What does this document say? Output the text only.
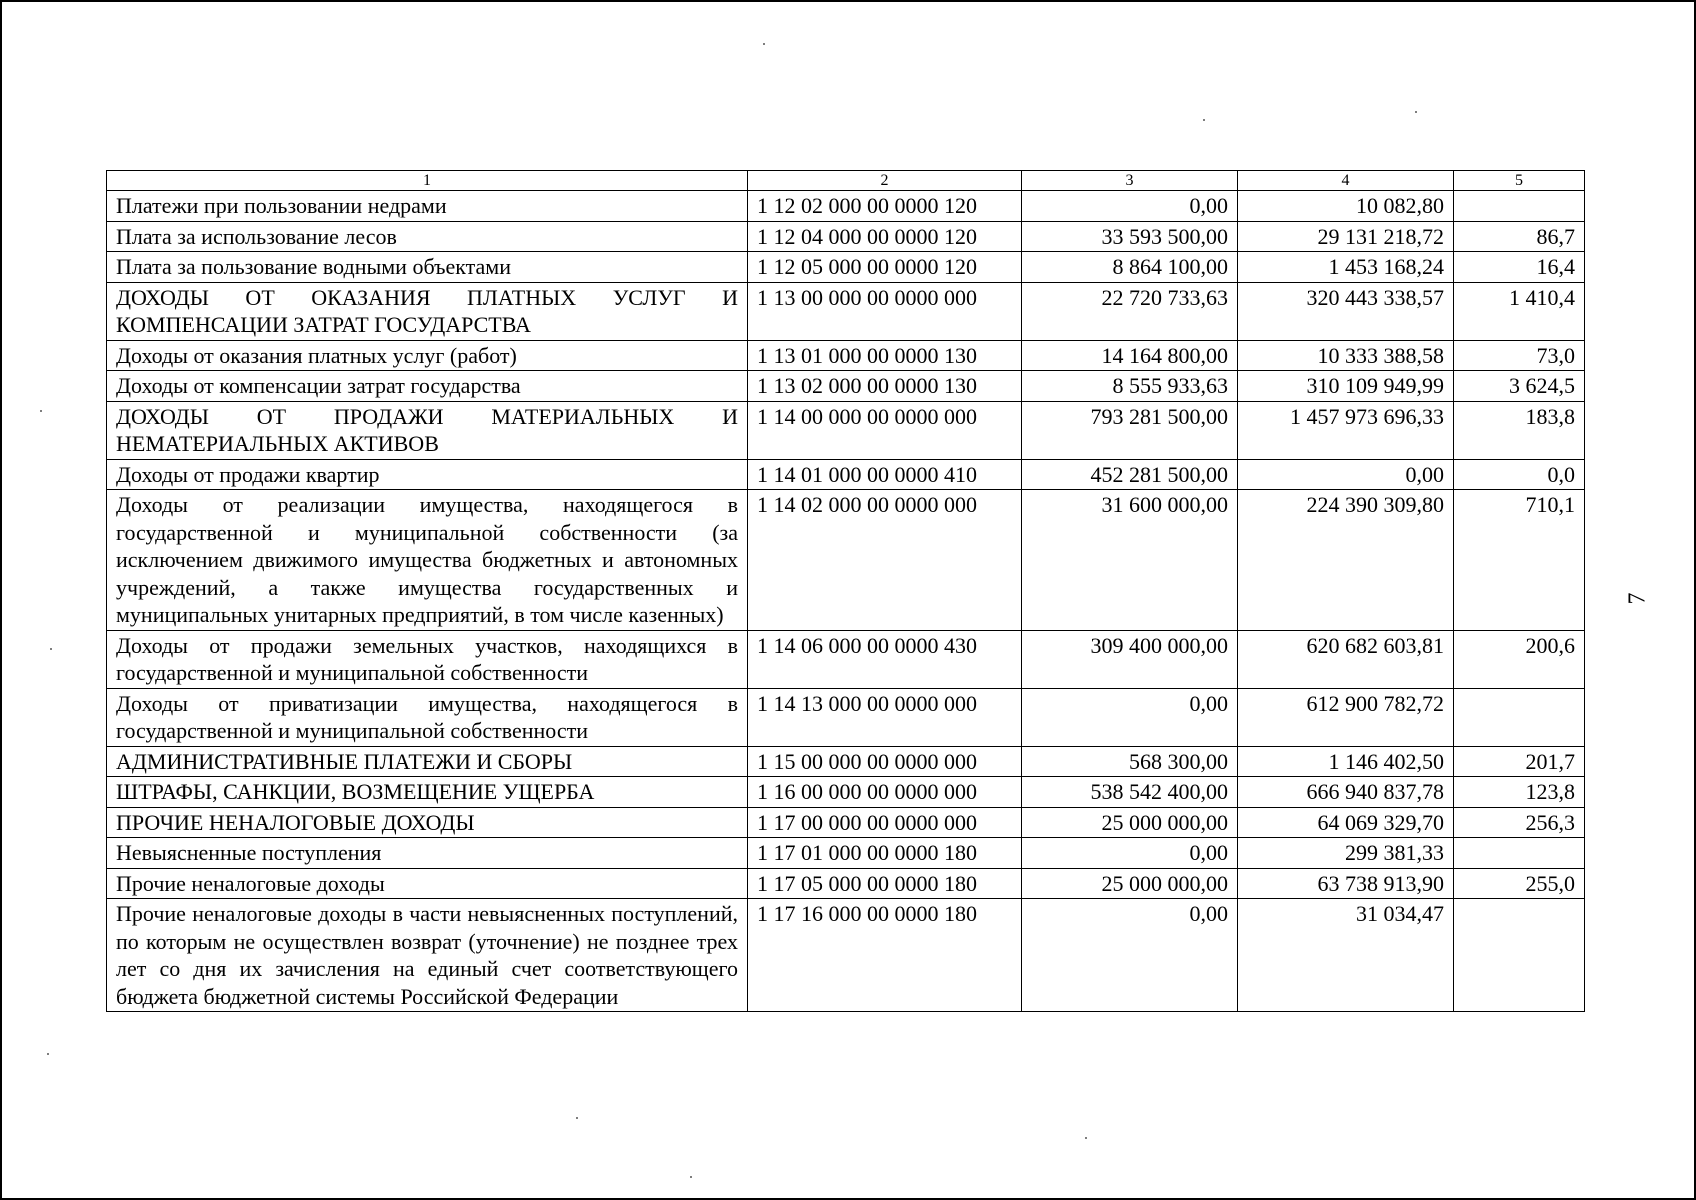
7
1	2	3	4	5
Платежи при пользовании недрами	1 12 02 000 00 0000 120	0,00	10 082,80	
Плата за использование лесов	1 12 04 000 00 0000 120	33 593 500,00	29 131 218,72	86,7
Плата за пользование водными объектами	1 12 05 000 00 0000 120	8 864 100,00	1 453 168,24	16,4
ДОХОДЫ ОТ ОКАЗАНИЯ ПЛАТНЫХ УСЛУГ И КОМПЕНСАЦИИ ЗАТРАТ ГОСУДАРСТВА	1 13 00 000 00 0000 000	22 720 733,63	320 443 338,57	1 410,4
Доходы от оказания платных услуг (работ)	1 13 01 000 00 0000 130	14 164 800,00	10 333 388,58	73,0
Доходы от компенсации затрат государства	1 13 02 000 00 0000 130	8 555 933,63	310 109 949,99	3 624,5
ДОХОДЫ ОТ ПРОДАЖИ МАТЕРИАЛЬНЫХ И НЕМАТЕРИАЛЬНЫХ АКТИВОВ	1 14 00 000 00 0000 000	793 281 500,00	1 457 973 696,33	183,8
Доходы от продажи квартир	1 14 01 000 00 0000 410	452 281 500,00	0,00	0,0
Доходы от реализации имущества, находящегося в государственной и муниципальной собственности (за исключением движимого имущества бюджетных и автономных учреждений, а также имущества государственных и муниципальных унитарных предприятий, в том числе казенных)	1 14 02 000 00 0000 000	31 600 000,00	224 390 309,80	710,1
Доходы от продажи земельных участков, находящихся в государственной и муниципальной собственности	1 14 06 000 00 0000 430	309 400 000,00	620 682 603,81	200,6
Доходы от приватизации имущества, находящегося в государственной и муниципальной собственности	1 14 13 000 00 0000 000	0,00	612 900 782,72	
АДМИНИСТРАТИВНЫЕ ПЛАТЕЖИ И СБОРЫ	1 15 00 000 00 0000 000	568 300,00	1 146 402,50	201,7
ШТРАФЫ, САНКЦИИ, ВОЗМЕЩЕНИЕ УЩЕРБА	1 16 00 000 00 0000 000	538 542 400,00	666 940 837,78	123,8
ПРОЧИЕ НЕНАЛОГОВЫЕ ДОХОДЫ	1 17 00 000 00 0000 000	25 000 000,00	64 069 329,70	256,3
Невыясненные поступления	1 17 01 000 00 0000 180	0,00	299 381,33	
Прочие неналоговые доходы	1 17 05 000 00 0000 180	25 000 000,00	63 738 913,90	255,0
Прочие неналоговые доходы в части невыясненных поступлений, по которым не осуществлен возврат (уточнение) не позднее трех лет со дня их зачисления на единый счет соответствующего бюджета бюджетной системы Российской Федерации	1 17 16 000 00 0000 180	0,00	31 034,47	
